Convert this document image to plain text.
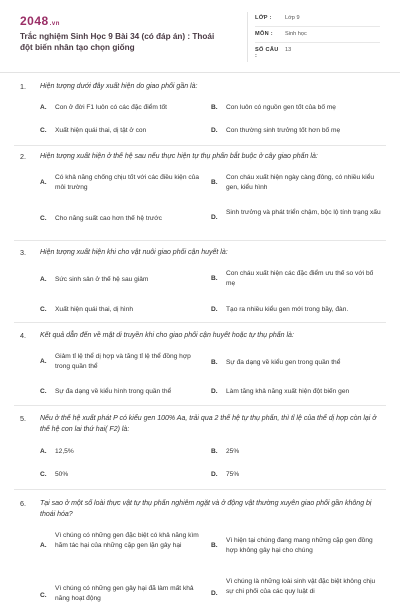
2048.vn
Trắc nghiệm Sinh Học 9 Bài 34 (có đáp án) : Thoái đột biến nhân tạo chọn giống
LỚP :	Lớp 9
MÔN :	Sinh học
SỐ CÂU :
13
1. Hiện tượng dưới đây xuất hiện do giao phối gần là:
A. Con ở đời F1 luôn có các đặc điểm tốt	B. Con luôn có nguồn gen tốt của bố mẹ
C. Xuất hiện quái thai, dị tật ở con	D. Con thường sinh trưởng tốt hơn bố mẹ
2. Hiện tượng xuất hiện ở thế hệ sau nếu thực hiện tự thụ phấn bắt buộc ở cây giao phấn là:
A.
Có khả năng chống chịu tốt với các điều kiện của môi trường
B.
Con cháu xuất hiện ngày càng đông, có nhiều kiểu gen, kiểu hình
C. Cho năng suất cao hơn thế hệ trước	D.
Sinh trưởng và phát triển chậm, bộc lộ tính trạng xấu
3. Hiện tượng xuất hiện khi cho vật nuôi giao phối cận huyết là:
A. Sức sinh sản ở thế hệ sau giảm	B.
Con cháu xuất hiện các đặc điểm ưu thế so với bố mẹ
C. Xuất hiện quái thai, dị hình	D. Tạo ra nhiều kiểu gen mới trong bầy, đàn.
4. Kết quả dẫn đến về mặt di truyền khi cho giao phối cận huyết hoặc tự thụ phấn là:
A.
Giảm tỉ lệ thể dị hợp và tăng tỉ lệ thể đồng hợp trong quần thể
B. Sự đa dạng về kiểu gen trong quần thể
C. Sự đa dạng về kiểu hình trong quần thể	D. Làm tăng khả năng xuất hiện đột biến gen
5. Nếu ở thế hệ xuất phát P có kiểu gen 100% Aa, trải qua 2 thế hệ tự thụ phấn, thì tỉ lệ của thể dị hợp còn lại ở thế hệ con lai thứ hai( F2) là:
A. 12,5%	B. 25%
C. 50%	D. 75%
6. Tại sao ở một số loài thực vật tự thụ phấn nghiêm ngặt và ở động vật thường xuyên giao phối gần không bị thoái hóa?
A.
Vì chúng có những gen đặc biệt có khả năng kìm hãm tác hại của những cặp gen lặn gây hại	B.
Vì hiện tại chúng đang mang những cặp gen đồng hợp không gây hại cho chúng
C.
Vì chúng có những gen gây hại đã làm mất khả năng hoạt động
D.
Vì chúng là những loài sinh vật đặc biệt không chịu sự chi phối của các quy luật di
